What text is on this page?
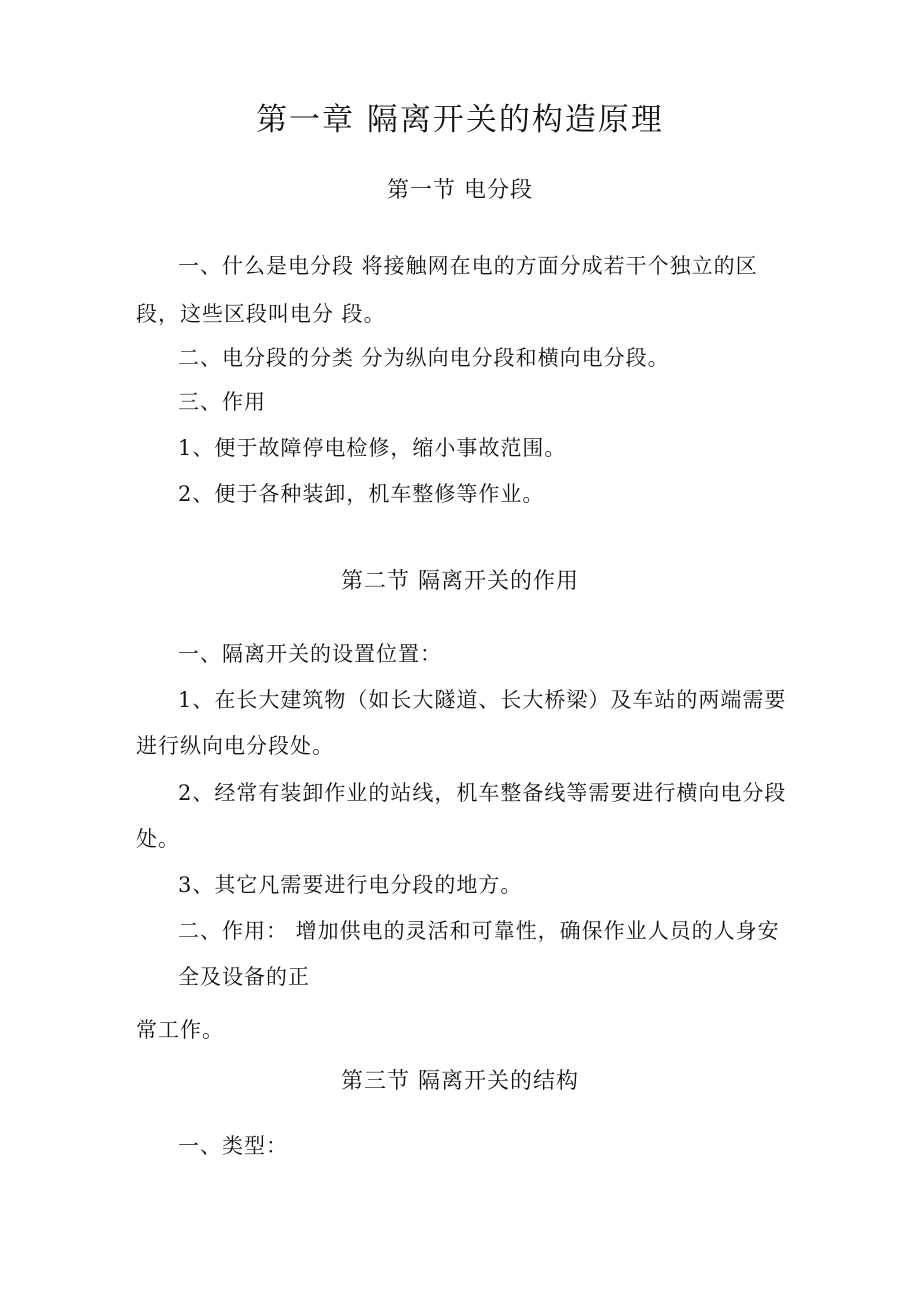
第一章 隔离开关的构造原理
第一节 电分段
一、什么是电分段 将接触网在电的方面分成若干个独立的区
段，这些区段叫电分 段。
二、电分段的分类 分为纵向电分段和横向电分段。
三、作用
1、便于故障停电检修，缩小事故范围。
2、便于各种装卸，机车整修等作业。
第二节 隔离开关的作用
一、隔离开关的设置位置：
1、在长大建筑物（如长大隧道、长大桥梁）及车站的两端需要
进行纵向电分段处。
2、经常有装卸作业的站线，机车整备线等需要进行横向电分段
处。
3、其它凡需要进行电分段的地方。
二、作用： 增加供电的灵活和可靠性，确保作业人员的人身安
全及设备的正
常工作。
第三节 隔离开关的结构
一、类型：
